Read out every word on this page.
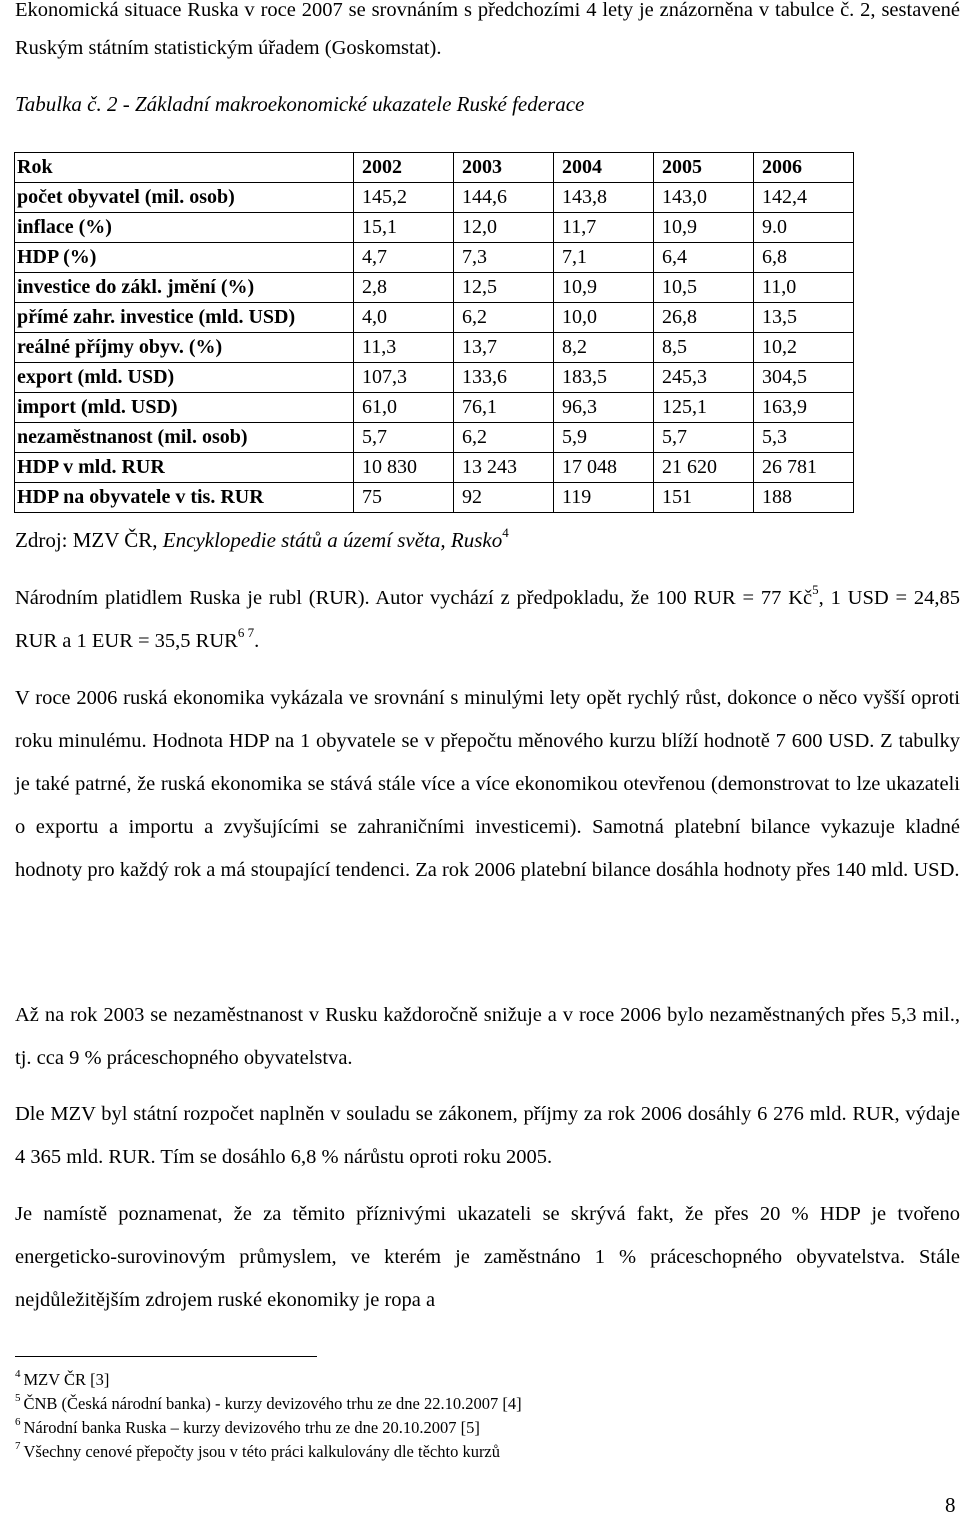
Ekonomická situace Ruska v roce 2007 se srovnáním s předchozími 4 lety je znázorněna v tabulce č. 2, sestavené Ruským státním statistickým úřadem (Goskomstat).

Tabulka č. 2 - Základní makroekonomické ukazatele Ruské federace

Rok	2002	2003	2004	2005	2006
počet obyvatel (mil. osob)	145,2	144,6	143,8	143,0	142,4
inflace (%)	15,1	12,0	11,7	10,9	9.0
HDP (%)	4,7	7,3	7,1	6,4	6,8
investice do zákl. jmění (%)	2,8	12,5	10,9	10,5	11,0
přímé zahr. investice (mld. USD)	4,0	6,2	10,0	26,8	13,5
reálné příjmy obyv. (%)	11,3	13,7	8,2	8,5	10,2
export (mld. USD)	107,3	133,6	183,5	245,3	304,5
import (mld. USD)	61,0	76,1	96,3	125,1	163,9
nezaměstnanost (mil. osob)	5,7	6,2	5,9	5,7	5,3
HDP v mld. RUR	10 830	13 243	17 048	21 620	26 781
HDP na obyvatele v tis. RUR	75	92	119	151	188

Zdroj: MZV ČR, Encyklopedie států a území světa, Rusko$^4$

Národním platidlem Ruska je rubl (RUR). Autor vychází z předpokladu, že 100 RUR = 77 $Kč^5$, 1 USD = 24,85 RUR a 1 EUR = 35,5 $RUR^{6 7}$.

V roce 2006 ruská ekonomika vykázala ve srovnání s minulými lety opět rychlý růst, dokonce o něco vyšší oproti roku minulému. Hodnota HDP na 1 obyvatele se v přepočtu měnového kurzu blíží hodnotě 7 600 USD. Z tabulky je také patrné, že ruská ekonomika se stává stále více a více ekonomikou otevřenou (demonstrovat to lze ukazateli o exportu a importu a zvyšujícími se zahraničními investicemi). Samotná platební bilance vykazuje kladné hodnoty pro každý rok a má stoupající tendenci. Za rok 2006 platební bilance dosáhla hodnoty přes 140 mld. USD.

Až na rok 2003 se nezaměstnanost v Rusku každoročně snižuje a v roce 2006 bylo nezaměstnaných přes 5,3 mil., tj. cca 9 % práceschopného obyvatelstva.

Dle MZV byl státní rozpočet naplněn v souladu se zákonem, příjmy za rok 2006 dosáhly 6 276 mld. RUR, výdaje 4 365 mld. RUR. Tím se dosáhlo 6,8 % nárůstu oproti roku 2005.

Je namístě poznamenat, že za těmito příznivými ukazateli se skrývá fakt, že přes 20 % HDP je tvořeno energeticko-surovinovým průmyslem, ve kterém je zaměstnáno 1 % práceschopného obyvatelstva. Stále nejdůležitějším zdrojem ruské ekonomiky je ropa a

$^4$ MZV ČR [3]

$^5$ ČNB (Česká národní banka) - kurzy devizového trhu ze dne 22.10.2007 [4]

$^6$ Národní banka Ruska – kurzy devizového trhu ze dne 20.10.2007 [5]

$^7$ Všechny cenové přepočty jsou v této práci kalkulovány dle těchto kurzů

8
